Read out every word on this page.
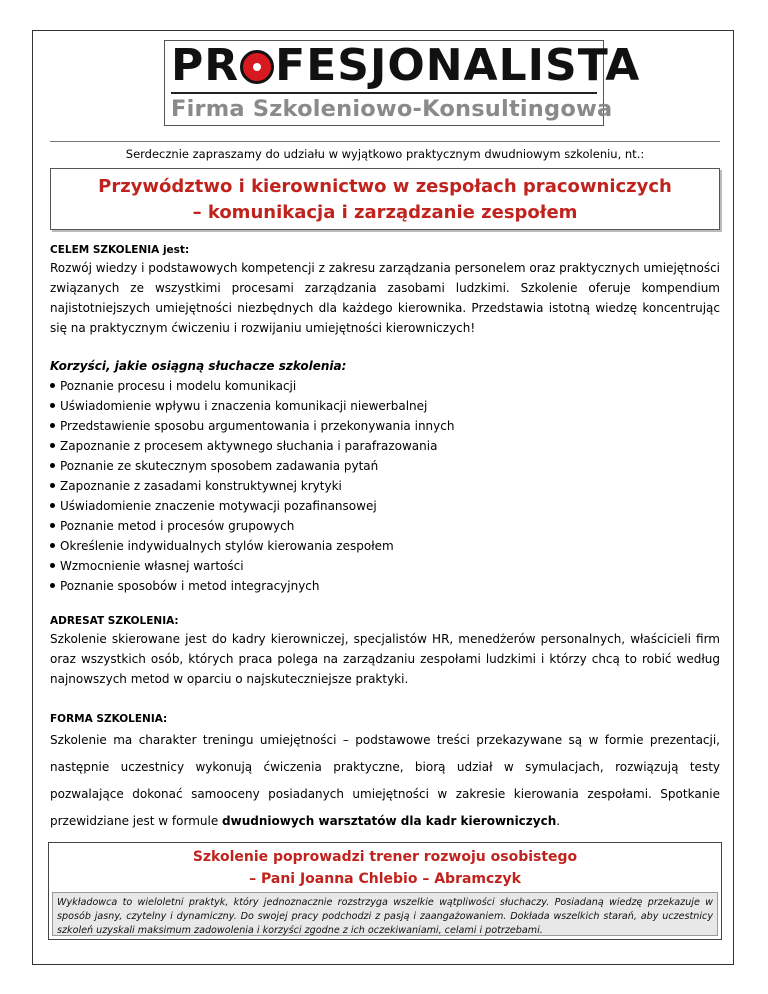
PR FESJONALISTA
Firma Szkoleniowo-Konsultingowa
Serdecznie zapraszamy do udziału w wyjątkowo praktycznym dwudniowym szkoleniu, nt.:
Przywództwo i kierownictwo w zespołach pracowniczych
– komunikacja i zarządzanie zespołem
CELEM SZKOLENIA jest:
Rozwój wiedzy i podstawowych kompetencji z zakresu zarządzania personelem oraz praktycznych umiejętności związanych ze wszystkimi procesami zarządzania zasobami ludzkimi. Szkolenie oferuje kompendium najistotniejszych umiejętności niezbędnych dla każdego kierownika. Przedstawia istotną wiedzę koncentrując się na praktycznym ćwiczeniu i rozwijaniu umiejętności kierowniczych!
Korzyści, jakie osiągną słuchacze szkolenia:
Poznanie procesu i modelu komunikacji
Uświadomienie wpływu i znaczenia komunikacji niewerbalnej
Przedstawienie sposobu argumentowania i przekonywania innych
Zapoznanie z procesem aktywnego słuchania i parafrazowania
Poznanie ze skutecznym sposobem zadawania pytań
Zapoznanie z zasadami konstruktywnej krytyki
Uświadomienie znaczenie motywacji pozafinansowej
Poznanie metod i procesów grupowych
Określenie indywidualnych stylów kierowania zespołem
Wzmocnienie własnej wartości
Poznanie sposobów i metod integracyjnych
ADRESAT SZKOLENIA:
Szkolenie skierowane jest do kadry kierowniczej, specjalistów HR, menedżerów personalnych, właścicieli firm oraz wszystkich osób, których praca polega na zarządzaniu zespołami ludzkimi i którzy chcą to robić według najnowszych metod w oparciu o najskuteczniejsze praktyki.
FORMA SZKOLENIA:
Szkolenie ma charakter treningu umiejętności – podstawowe treści przekazywane są w formie prezentacji, następnie uczestnicy wykonują ćwiczenia praktyczne, biorą udział w symulacjach, rozwiązują testy pozwalające dokonać samooceny posiadanych umiejętności w zakresie kierowania zespołami. Spotkanie przewidziane jest w formule dwudniowych warsztatów dla kadr kierowniczych.
Szkolenie poprowadzi trener rozwoju osobistego
– Pani Joanna Chlebio – Abramczyk
Wykładowca to wieloletni praktyk, który jednoznacznie rozstrzyga wszelkie wątpliwości słuchaczy. Posiadaną wiedzę przekazuje w sposób jasny, czytelny i dynamiczny. Do swojej pracy podchodzi z pasją i zaangażowaniem. Dokłada wszelkich starań, aby uczestnicy szkoleń uzyskali maksimum zadowolenia i korzyści zgodne z ich oczekiwaniami, celami i potrzebami.
